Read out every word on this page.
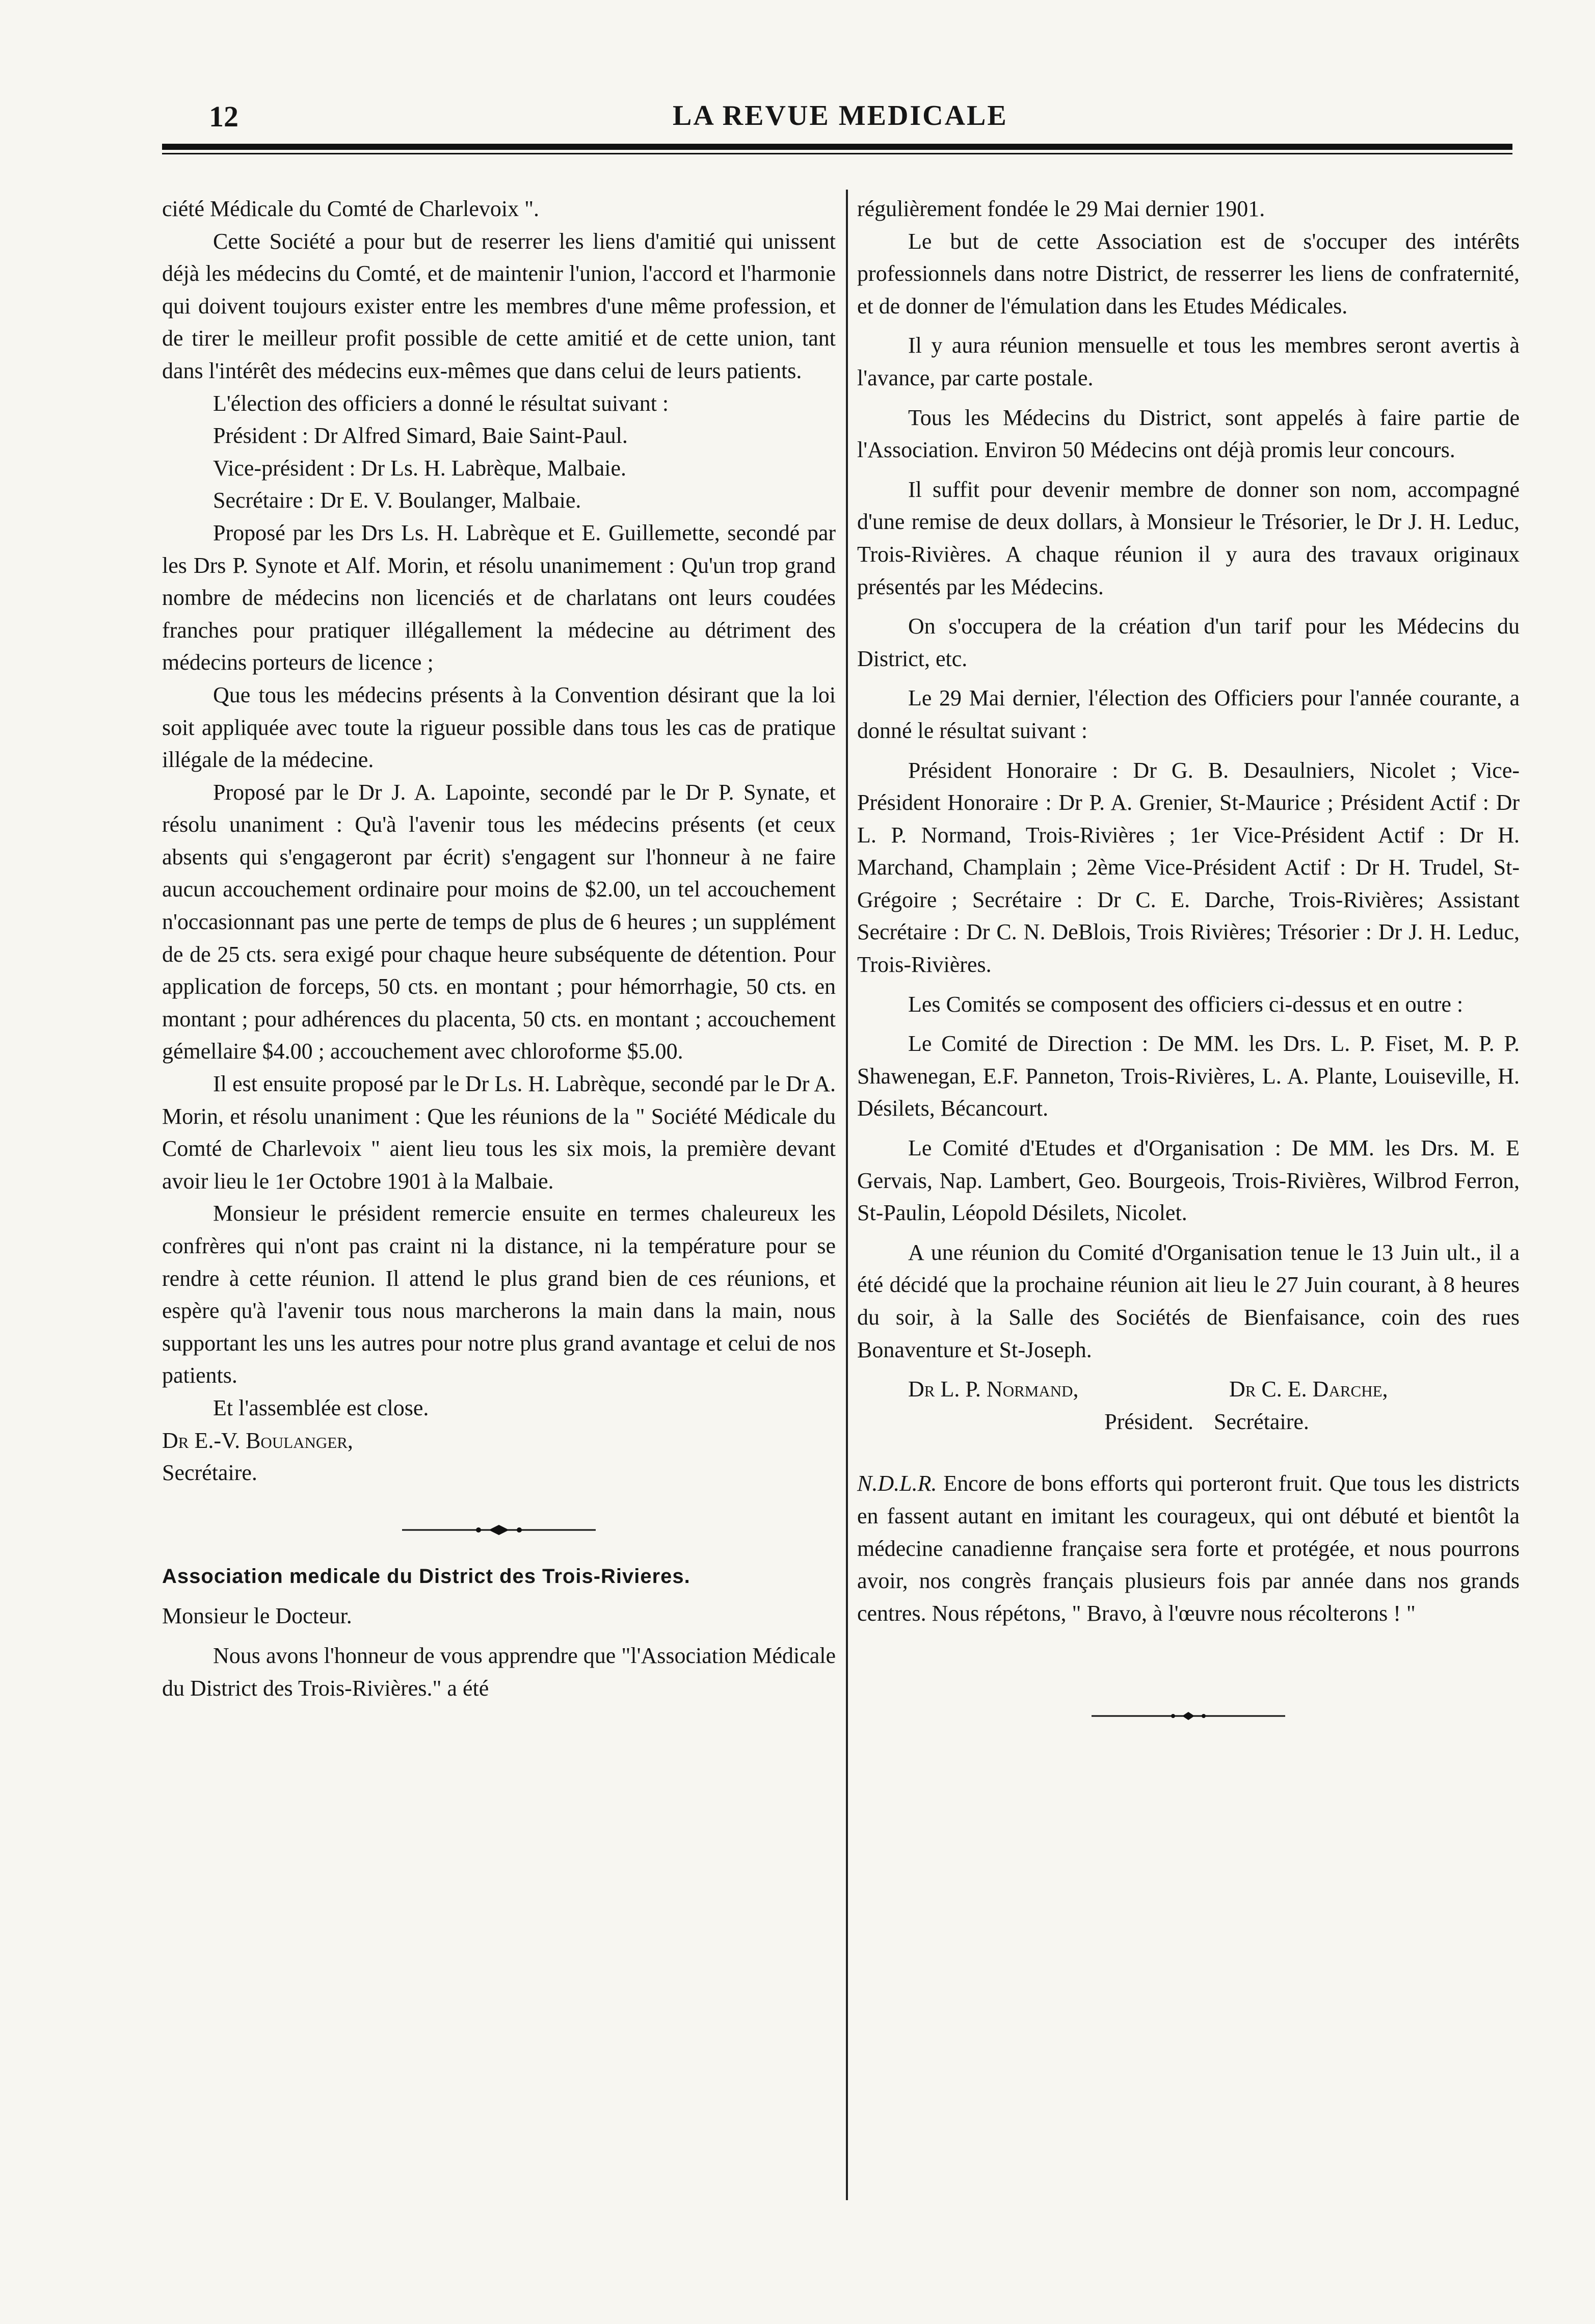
12	LA REVUE MEDICALE

ciété Médicale du Comté de Charlevoix ".

Cette Société a pour but de reserrer les liens d'amitié qui unissent déjà les médecins du Comté, et de maintenir l'union, l'accord et l'harmonie qui doivent toujours exister entre les membres d'une même profession, et de tirer le meilleur profit possible de cette amitié et de cette union, tant dans l'intérêt des médecins eux-mêmes que dans celui de leurs patients.

L'élection des officiers a donné le résultat suivant :

Président : Dr Alfred Simard, Baie Saint-Paul.

Vice-président : Dr Ls. H. Labrèque, Malbaie.

Secrétaire : Dr E. V. Boulanger, Malbaie.

Proposé par les Drs Ls. H. Labrèque et E. Guillemette, secondé par les Drs P. Synote et Alf. Morin, et résolu unanimement : Qu'un trop grand nombre de médecins non licenciés et de charlatans ont leurs coudées franches pour pratiquer illégallement la médecine au détriment des médecins porteurs de licence ;

Que tous les médecins présents à la Convention désirant que la loi soit appliquée avec toute la rigueur possible dans tous les cas de pratique illégale de la médecine.

Proposé par le Dr J. A. Lapointe, secondé par le Dr P. Synate, et résolu unaniment : Qu'à l'avenir tous les médecins présents (et ceux absents qui s'engageront par écrit) s'engagent sur l'honneur à ne faire aucun accouchement ordinaire pour moins de $2.00, un tel accouchement n'occasionnant pas une perte de temps de plus de 6 heures ; un supplément de de 25 cts. sera exigé pour chaque heure subséquente de détention. Pour application de forceps, 50 cts. en montant ; pour hémorrhagie, 50 cts. en montant ; pour adhérences du placenta, 50 cts. en montant ; accouchement gémellaire $4.00 ; accouchement avec chloroforme $5.00.

Il est ensuite proposé par le Dr Ls. H. Labrèque, secondé par le Dr A. Morin, et résolu unaniment : Que les réunions de la " Société Médicale du Comté de Charlevoix " aient lieu tous les six mois, la première devant avoir lieu le 1er Octobre 1901 à la Malbaie.

Monsieur le président remercie ensuite en termes chaleureux les confrères qui n'ont pas craint ni la distance, ni la température pour se rendre à cette réunion. Il attend le plus grand bien de ces réunions, et espère qu'à l'avenir tous nous marcherons la main dans la main, nous supportant les uns les autres pour notre plus grand avantage et celui de nos patients.

Et l'assemblée est close.

Dr E.-V. Boulanger,

Secrétaire.

Association medicale du District des Trois-Rivieres.

Monsieur le Docteur.

Nous avons l'honneur de vous apprendre que "l'Association Médicale du District des Trois-Rivières." a été

régulièrement fondée le 29 Mai dernier 1901.

Le but de cette Association est de s'occuper des intérêts professionnels dans notre District, de resserrer les liens de confraternité, et de donner de l'émulation dans les Etudes Médicales.

Il y aura réunion mensuelle et tous les membres seront avertis à l'avance, par carte postale.

Tous les Médecins du District, sont appelés à faire partie de l'Association. Environ 50 Médecins ont déjà promis leur concours.

Il suffit pour devenir membre de donner son nom, accompagné d'une remise de deux dollars, à Monsieur le Trésorier, le Dr J. H. Leduc, Trois-Rivières. A chaque réunion il y aura des travaux originaux présentés par les Médecins.

On s'occupera de la création d'un tarif pour les Médecins du District, etc.

Le 29 Mai dernier, l'élection des Officiers pour l'année courante, a donné le résultat suivant :

Président Honoraire : Dr G. B. Desaulniers, Nicolet ; Vice-Président Honoraire : Dr P. A. Grenier, St-Maurice ; Président Actif : Dr L. P. Normand, Trois-Rivières ; 1er Vice-Président Actif : Dr H. Marchand, Champlain ; 2ème Vice-Président Actif : Dr H. Trudel, St-Grégoire ; Secrétaire : Dr C. E. Darche, Trois-Rivières; Assistant Secrétaire : Dr C. N. DeBlois, Trois Rivières; Trésorier : Dr J. H. Leduc, Trois-Rivières.

Les Comités se composent des officiers ci-dessus et en outre :

Le Comité de Direction : De MM. les Drs. L. P. Fiset, M. P. P. Shawenegan, E.F. Panneton, Trois-Rivières, L. A. Plante, Louiseville, H. Désilets, Bécancourt.

Le Comité d'Etudes et d'Organisation : De MM. les Drs. M. E Gervais, Nap. Lambert, Geo. Bourgeois, Trois-Rivières, Wilbrod Ferron, St-Paulin, Léopold Désilets, Nicolet.

A une réunion du Comité d'Organisation tenue le 13 Juin ult., il a été décidé que la prochaine réunion ait lieu le 27 Juin courant, à 8 heures du soir, à la Salle des Sociétés de Bienfaisance, coin des rues Bonaventure et St-Joseph.

Dr L. P. Normand,

Président.

Dr C. E. Darche,

Secrétaire.

N.D.L.R. Encore de bons efforts qui porteront fruit. Que tous les districts en fassent autant en imitant les courageux, qui ont débuté et bientôt la médecine canadienne française sera forte et protégée, et nous pourrons avoir, nos congrès français plusieurs fois par année dans nos grands centres. Nous répétons, " Bravo, à l'œuvre nous récolterons ! "
